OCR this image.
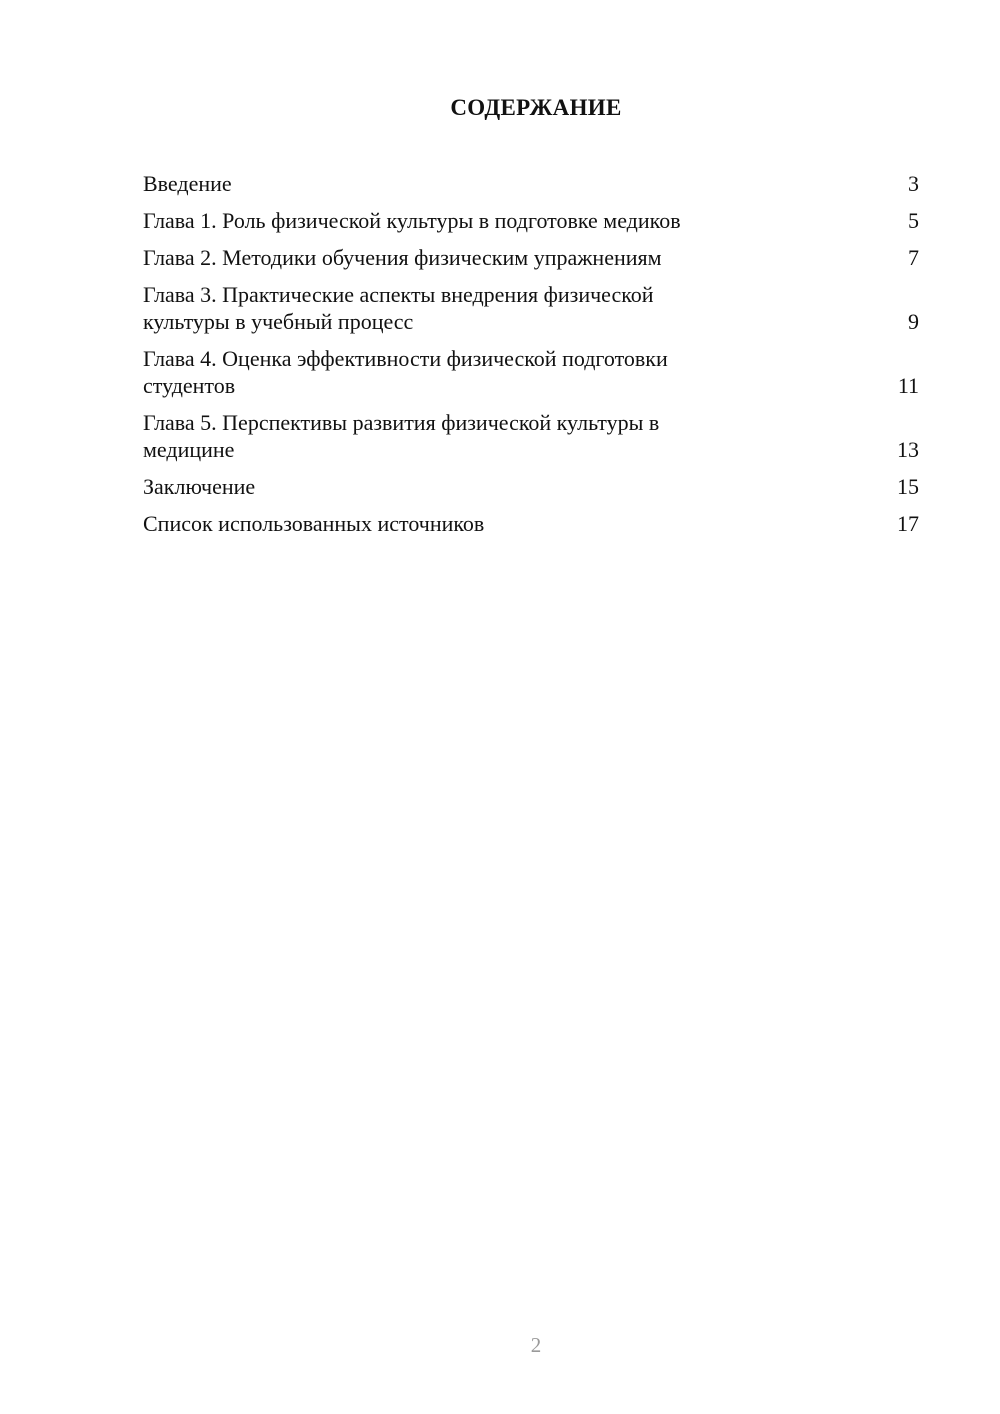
СОДЕРЖАНИЕ
Введение	3
Глава 1. Роль физической культуры в подготовке медиков	5
Глава 2. Методики обучения физическим упражнениям	7
Глава 3. Практические аспекты внедрения физической
культуры в учебный процесс	9
Глава 4. Оценка эффективности физической подготовки
студентов	11
Глава 5. Перспективы развития физической культуры в
медицине	13
Заключение	15
Список использованных источников	17
2
